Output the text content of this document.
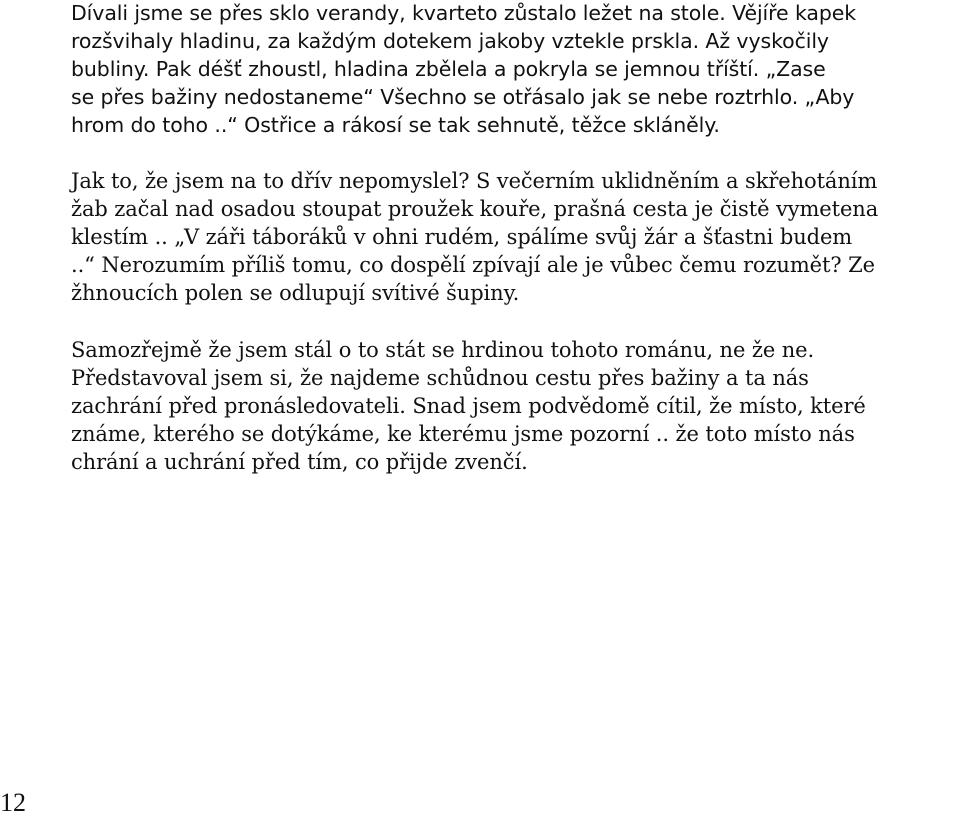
Dívali jsme se přes sklo verandy, kvarteto zůstalo ležet na stole. Vějíře kapek
rozšvihaly hladinu, za každým dotekem jakoby vztekle prskla. Až vyskočily
bubliny. Pak déšť zhoustl, hladina zbělela a pokryla se jemnou tříští. „Zase
se přes bažiny nedostaneme“ Všechno se otřásalo jak se nebe roztrhlo. „Aby
hrom do toho ..“ Ostřice a rákosí se tak sehnutě, těžce skláněly.
Jak to, že jsem na to dřív nepomyslel? S večerním uklidněním a skřehotáním
žab začal nad osadou stoupat proužek kouře, prašná cesta je čistě vymetena
klestím .. „V záři táboráků v ohni rudém, spálíme svůj žár a šťastni budem
..“ Nerozumím příliš tomu, co dospělí zpívají ale je vůbec čemu rozumět? Ze
žhnoucích polen se odlupují svítivé šupiny.
Samozřejmě že jsem stál o to stát se hrdinou tohoto románu, ne že ne.
Představoval jsem si, že najdeme schůdnou cestu přes bažiny a ta nás
zachrání před pronásledovateli. Snad jsem podvědomě cítil, že místo, které
známe, kterého se dotýkáme, ke kterému jsme pozorní .. že toto místo nás
chrání a uchrání před tím, co přijde zvenčí.
12
